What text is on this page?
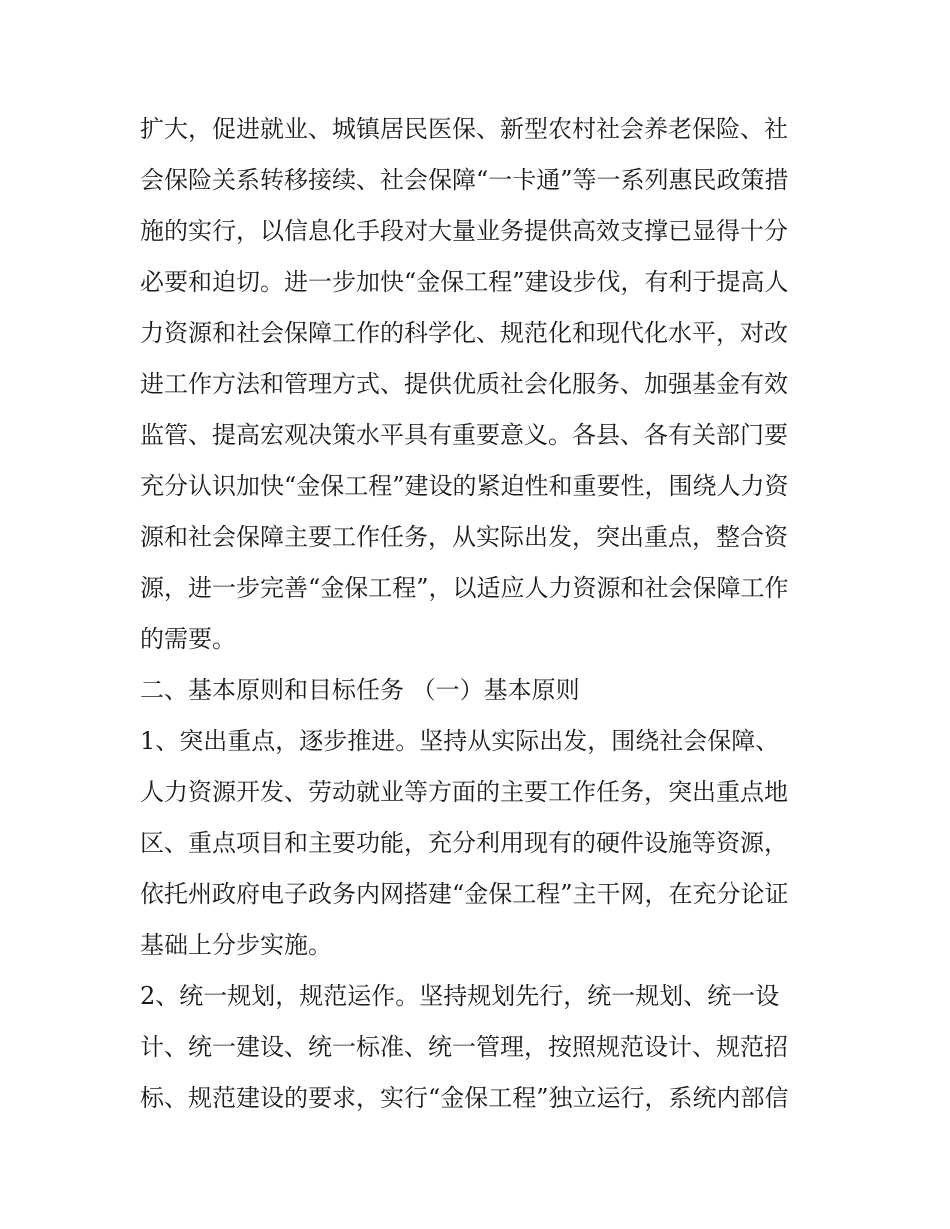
扩大，促进就业、城镇居民医保、新型农村社会养老保险、社
会保险关系转移接续、社会保障“一卡通”等一系列惠民政策措
施的实行，以信息化手段对大量业务提供高效支撑已显得十分
必要和迫切。进一步加快“金保工程”建设步伐，有利于提高人
力资源和社会保障工作的科学化、规范化和现代化水平，对改
进工作方法和管理方式、提供优质社会化服务、加强基金有效
监管、提高宏观决策水平具有重要意义。各县、各有关部门要
充分认识加快“金保工程”建设的紧迫性和重要性，围绕人力资
源和社会保障主要工作任务，从实际出发，突出重点，整合资
源，进一步完善“金保工程”，以适应人力资源和社会保障工作
的需要。
二、基本原则和目标任务 （一）基本原则
1、突出重点，逐步推进。坚持从实际出发，围绕社会保障、
人力资源开发、劳动就业等方面的主要工作任务，突出重点地
区、重点项目和主要功能，充分利用现有的硬件设施等资源，
依托州政府电子政务内网搭建“金保工程”主干网，在充分论证
基础上分步实施。
2、统一规划，规范运作。坚持规划先行，统一规划、统一设
计、统一建设、统一标准、统一管理，按照规范设计、规范招
标、规范建设的要求，实行“金保工程”独立运行，系统内部信
